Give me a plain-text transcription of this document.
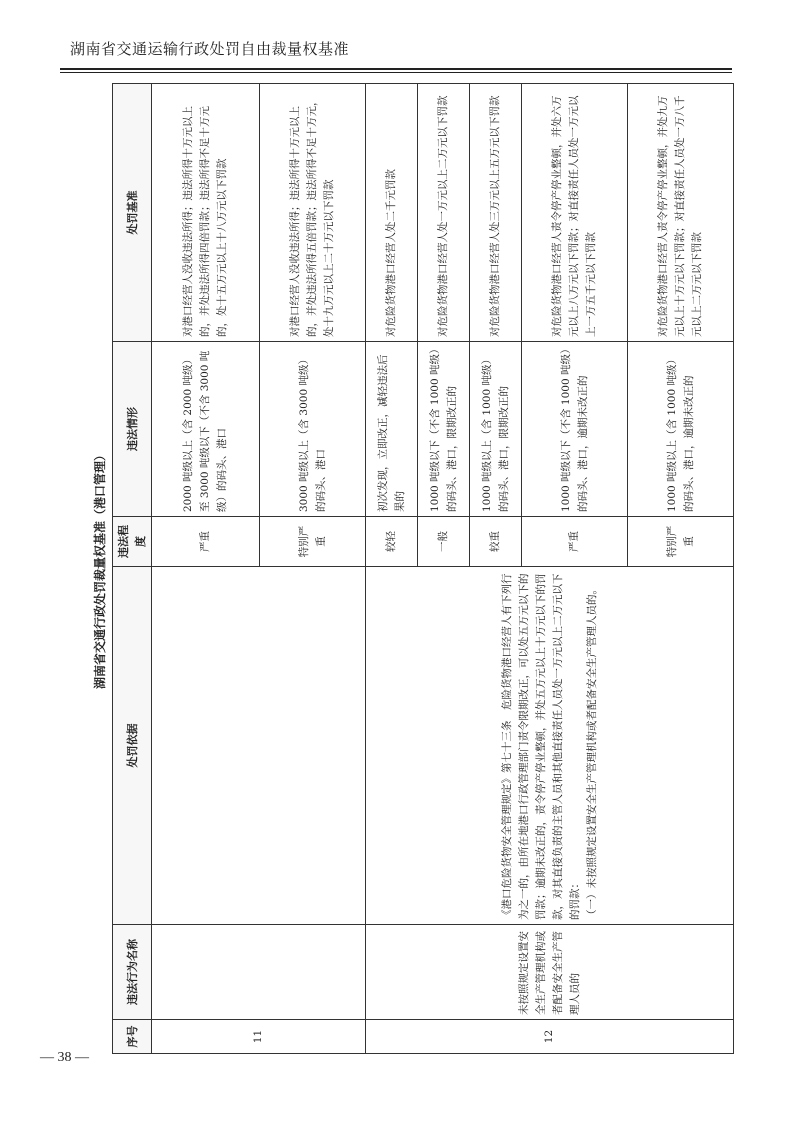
湖南省交通运输行政处罚自由裁量权基准
湖南省交通行政处罚裁量权基准（港口管理）
序号	违法行为名称	处罚依据	违法程度	违法情形	处罚基准
11			严重	2000 吨级以上（含 2000 吨级）至 3000 吨级以下（不含 3000 吨级）的码头、港口	对港口经营人没收违法所得；违法所得十万元以上的，并处违法所得四倍罚款；违法所得不足十万元的，处十五万元以上十八万元以下罚款
			特别严重	3000 吨级以上（含 3000 吨级）的码头、港口	对港口经营人没收违法所得；违法所得十万元以上的，并处违法所得五倍罚款；违法所得不足十万元，处十九万元以上二十万元以下罚款
12	未按照规定设置安全生产管理机构或者配备安全生产管理人员的	《港口危险货物安全管理规定》第七十三条　危险货物港口经营人有下列行为之一的，由所在地港口行政管理部门责令限期改正，可以处五万元以下的罚款；逾期未改正的，责令停产停业整顿，并处五万元以上十万元以下的罚款，对其直接负责的主管人员和其他直接责任人员处一万元以上二万元以下的罚款： （一）未按照规定设置安全生产管理机构或者配备安全生产管理人员的。	较轻	初次发现，立即改正，减轻违法后果的	对危险货物港口经营人处二千元罚款
			一般	1000 吨级以下（不含 1000 吨级）的码头、港口，限期改正的	对危险货物港口经营人处一万元以上二万元以下罚款
			较重	1000 吨级以上（含 1000 吨级）的码头、港口，限期改正的	对危险货物港口经营人处三万元以上五万元以下罚款
			严重	1000 吨级以下（不含 1000 吨级）的码头、港口，逾期未改正的	对危险货物港口经营人责令停产停业整顿，并处六万元以上八万元以下罚款；对直接责任人员处一万元以上一万五千元以下罚款
			特别严重	1000 吨级以上（含 1000 吨级）的码头、港口，逾期未改正的	对危险货物港口经营人责令停产停业整顿，并处九万元以上十万元以下罚款；对直接责任人员处一万八千元以上二万元以下罚款
— 38 —
